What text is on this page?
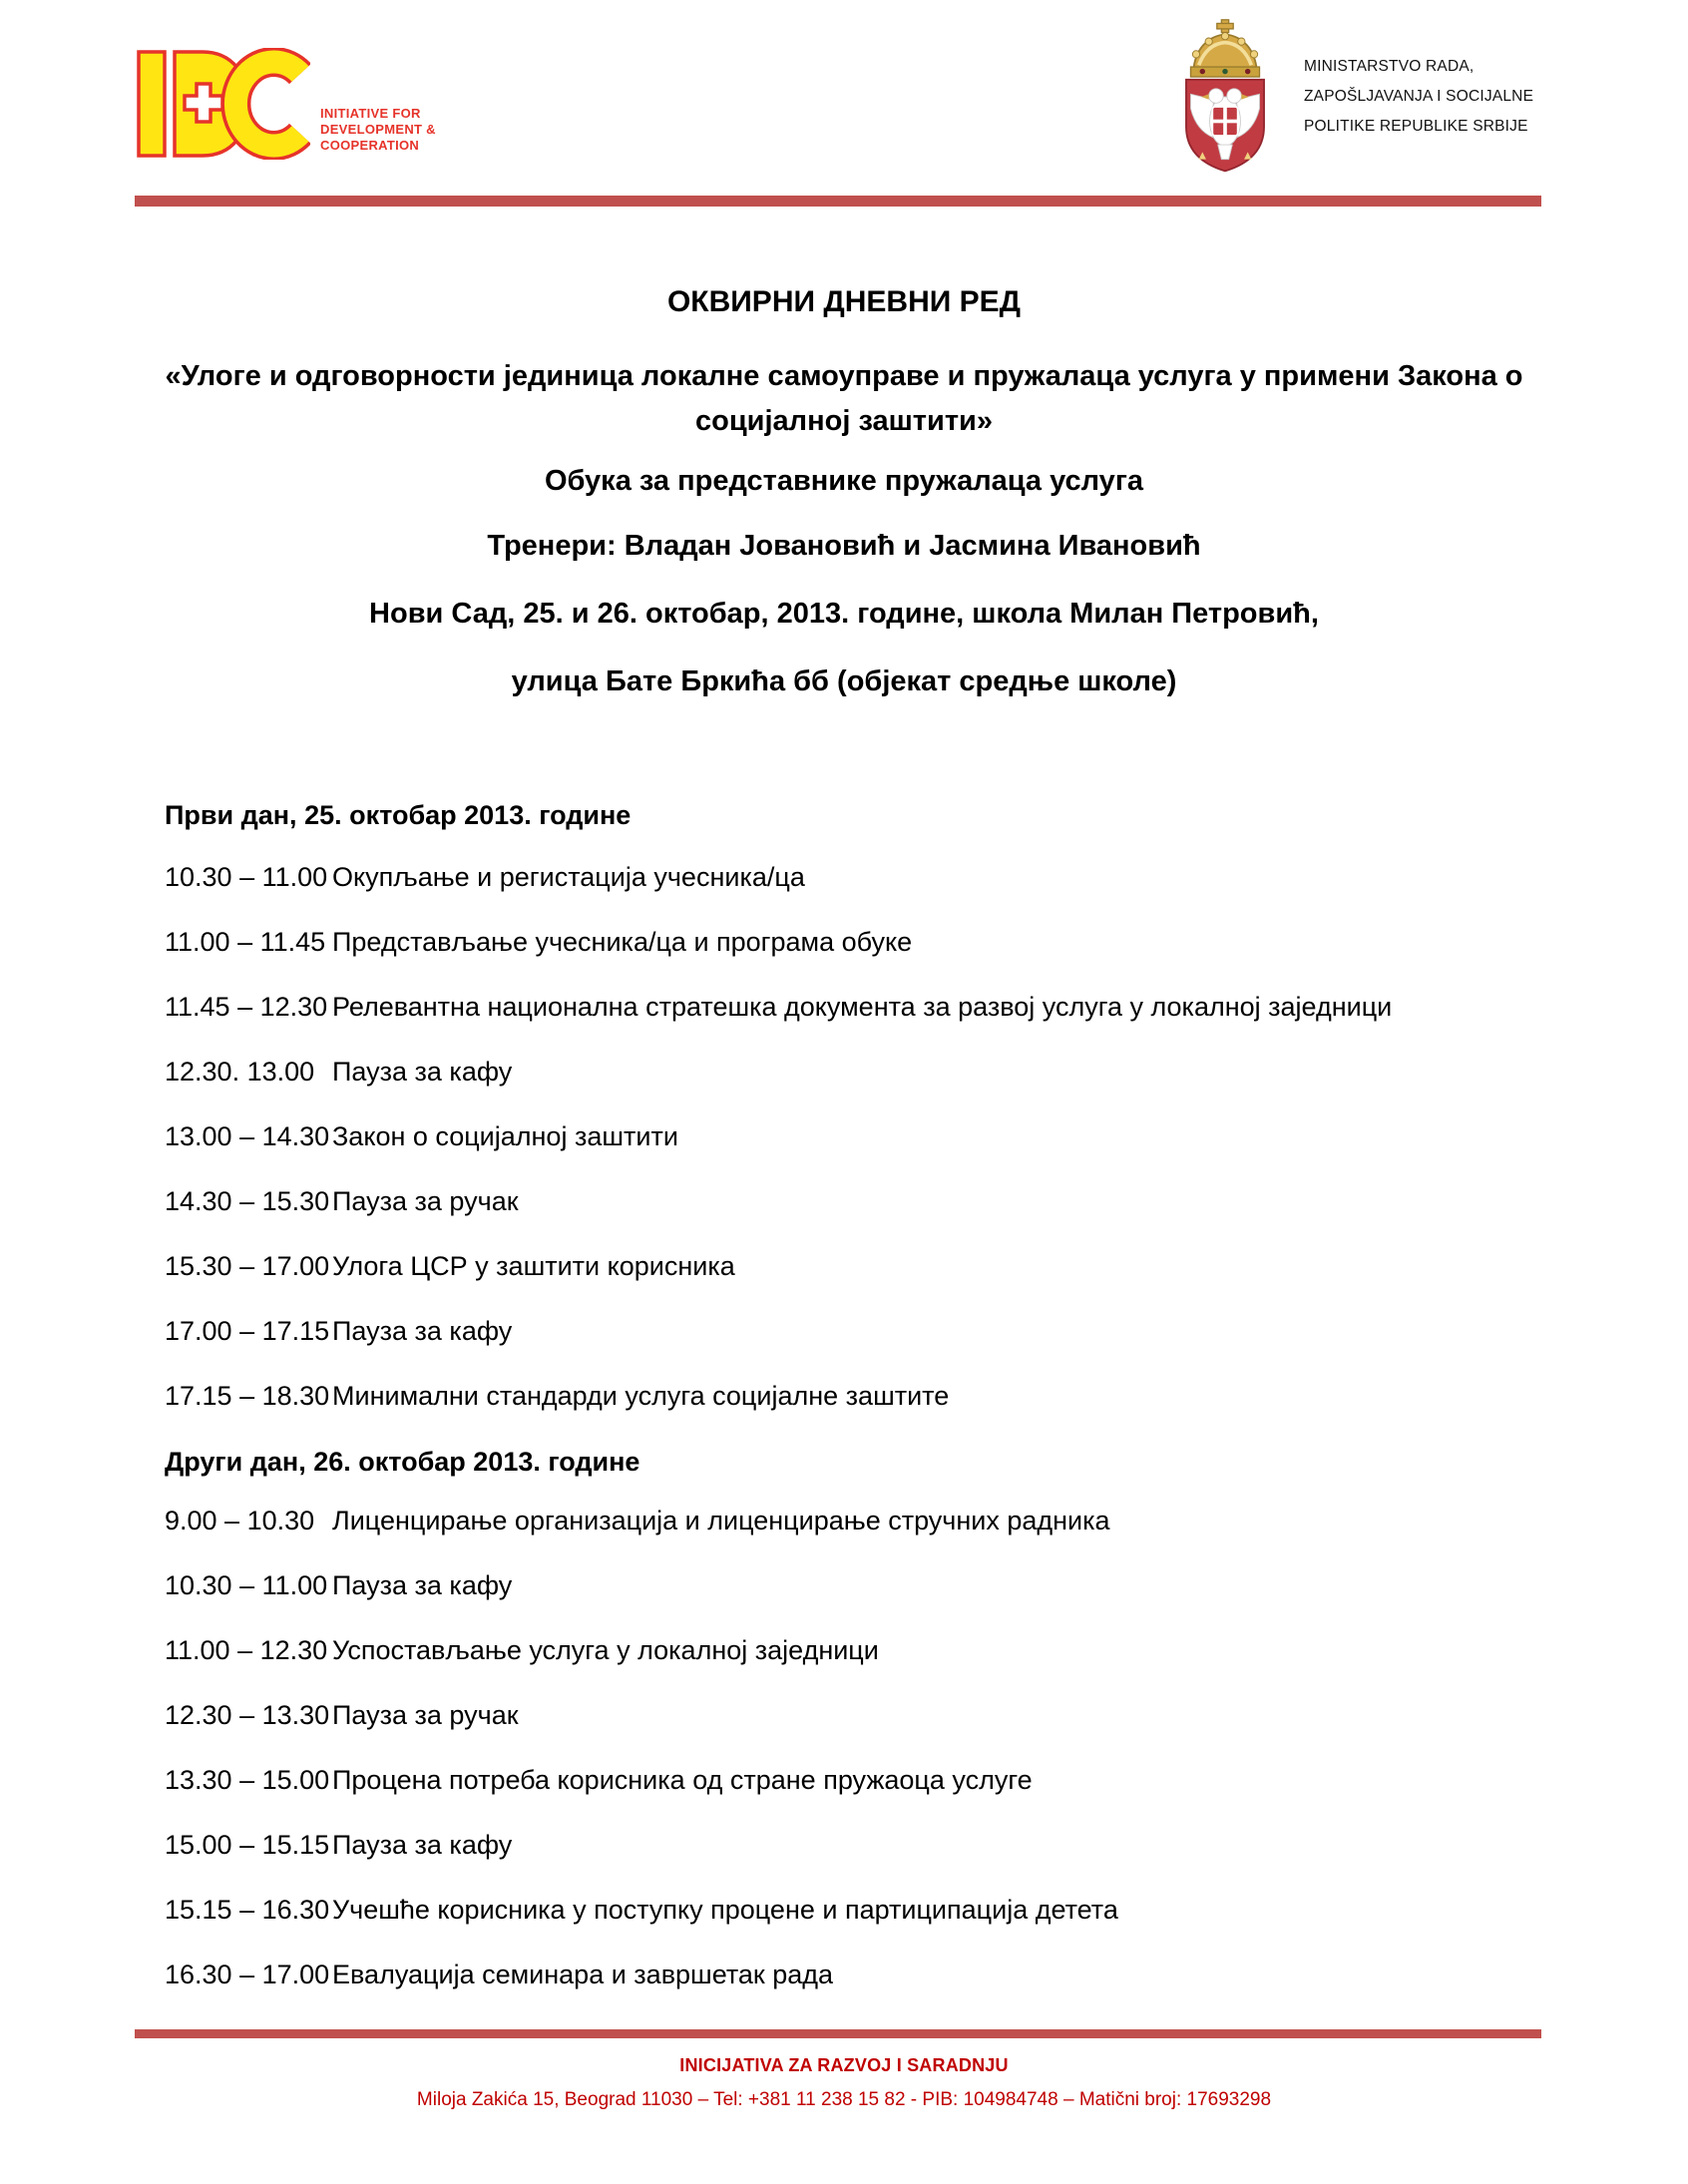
INITIATIVE FOR
DEVELOPMENT &
COOPERATION
MINISTARSTVO RADA,
ZAPOŠLJAVANJA I SOCIJALNE
POLITIKE REPUBLIKE SRBIJE
ОКВИРНИ ДНЕВНИ РЕД
«Улоге и одговорности јединица локалне самоуправе и пружалаца услуга у примени Закона о социјалној заштити»
Обука за представнике пружалаца услуга
Тренери: Владан Јовановић и Јасмина Ивановић
Нови Сад, 25. и 26. октобар, 2013. године, школа Милан Петровић,
улица Бате Бркића бб (објекат средње школе)
Први дан, 25. октобар 2013. године
10.30 – 11.00 Окупљање и регистација учесника/ца
11.00 – 11.45 Представљање учесника/ца и програма обуке
11.45 – 12.30 Релевантна национална стратешка документа за развој услуга у локалној заједници
12.30. 13.00 Пауза за кафу
13.00 – 14.30 Закон о социјалној заштити
14.30 – 15.30 Пауза за ручак
15.30 – 17.00 Улога ЦСР у заштити корисника
17.00 – 17.15 Пауза за кафу
17.15 – 18.30 Минимални стандарди услуга социјалне заштите
Други дан, 26. октобар 2013. године
9.00 – 10.30 Лиценцирање организација и лиценцирање стручних радника
10.30 – 11.00 Пауза за кафу
11.00 – 12.30 Успостављање услуга у локалној заједници
12.30 – 13.30 Пауза за ручак
13.30 – 15.00 Процена потреба корисника од стране пружаоца услуге
15.00 – 15.15 Пауза за кафу
15.15 – 16.30 Учешће корисника у поступку процене и партиципација детета
16.30 – 17.00 Евалуација семинара и завршетак рада
INICIJATIVA ZA RAZVOJ I SARADNJU
Miloja Zakića 15, Beograd 11030 – Tel: +381 11 238 15 82 - PIB: 104984748 – Matični broj: 17693298
